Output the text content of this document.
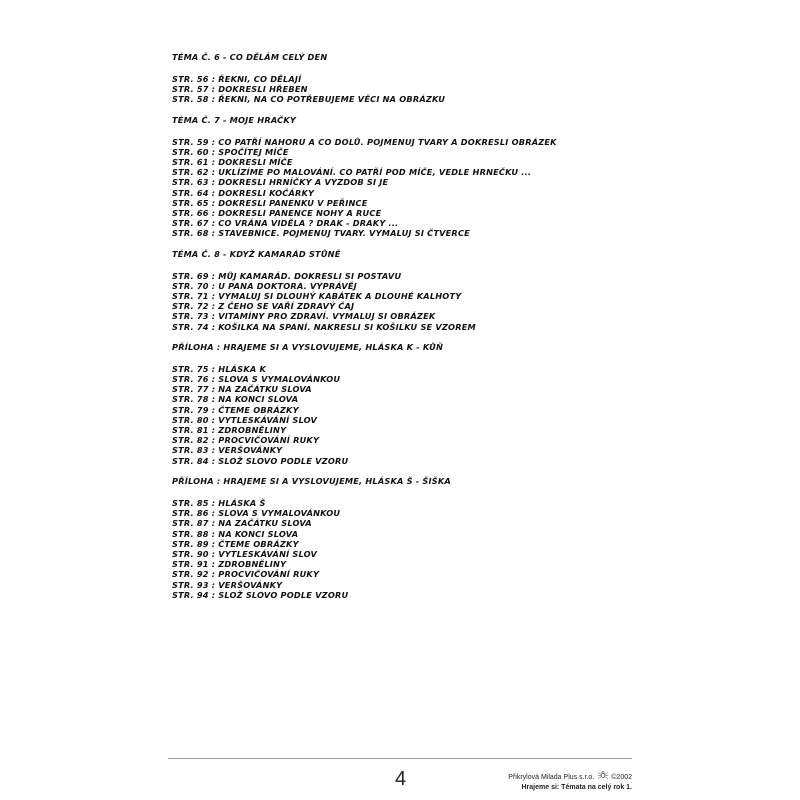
TÉMA Č. 6 - CO DĚLÁM CELÝ DEN
STR. 56 : ŘEKNI, CO DĚLAJÍ
STR. 57 : DOKRESLI HŘEBEN
STR. 58 : ŘEKNI, NA CO POTŘEBUJEME VĚCI NA OBRÁZKU
TÉMA Č. 7 - MOJE HRAČKY
STR. 59 : CO PATŘÍ NAHORU A CO DOLŮ. POJMENUJ TVARY A DOKRESLI OBRÁZEK
STR. 60 : SPOČÍTEJ MÍČE
STR. 61 : DOKRESLI MÍČE
STR. 62 : UKLÍZÍME PO MALOVÁNÍ. CO PATŘÍ POD MÍČE, VEDLE HRNEČKU ...
STR. 63 : DOKRESLI HRNÍČKY A VYZDOB SI JE
STR. 64 : DOKRESLI KOČÁRKY
STR. 65 : DOKRESLI PANENKU V PEŘINCE
STR. 66 : DOKRESLI PANENCE NOHY A RUCE
STR. 67 : CO VRÁNA VIDĚLA ? DRAK - DRAKY ...
STR. 68 : STAVEBNICE. POJMENUJ TVARY. VYMALUJ SI ČTVERCE
TÉMA Č. 8 - KDYŽ KAMARÁD STŮNĚ
STR. 69 : MŮJ KAMARÁD. DOKRESLI SI POSTAVU
STR. 70 : U PANA DOKTORA. VYPRÁVĚJ
STR. 71 : VYMALUJ SI DLOUHÝ KABÁTEK A DLOUHÉ KALHOTY
STR. 72 : Z ČEHO SE VAŘÍ ZDRAVÝ ČAJ
STR. 73 : VITAMÍNY PRO ZDRAVÍ. VYMALUJ SI OBRÁZEK
STR. 74 : KOŠILKA NA SPANÍ. NAKRESLI SI KOŠILKU SE VZOREM
PŘÍLOHA : HRAJEME SI A VYSLOVUJEME, HLÁSKA K - KŮŇ
STR. 75 : HLÁSKA K
STR. 76 : SLOVA S VYMALOVÁNKOU
STR. 77 : NA ZAČÁTKU SLOVA
STR. 78 : NA KONCI SLOVA
STR. 79 : ČTEME OBRÁZKY
STR. 80 : VYTLESKÁVÁNÍ SLOV
STR. 81 : ZDROBNĚLINY
STR. 82 : PROCVIČOVÁNÍ RUKY
STR. 83 : VERŠOVÁNKY
STR. 84 : SLOŽ SLOVO PODLE VZORU
PŘÍLOHA : HRAJEME SI A VYSLOVUJEME, HLÁSKA Š - ŠIŠKA
STR. 85 : HLÁSKA Š
STR. 86 : SLOVA S VYMALOVÁNKOU
STR. 87 : NA ZAČÁTKU SLOVA
STR. 88 : NA KONCI SLOVA
STR. 89 : ČTEME OBRÁZKY
STR. 90 : VYTLESKÁVÁNÍ SLOV
STR. 91 : ZDROBNĚLINY
STR. 92 : PROCVIČOVÁNÍ RUKY
STR. 93 : VERŠOVÁNKY
STR. 94 : SLOŽ SLOVO PODLE VZORU
4	Přikrylová Milada Plus s.r.o. ©2002
Hrajeme si: Témata na celý rok 1.
